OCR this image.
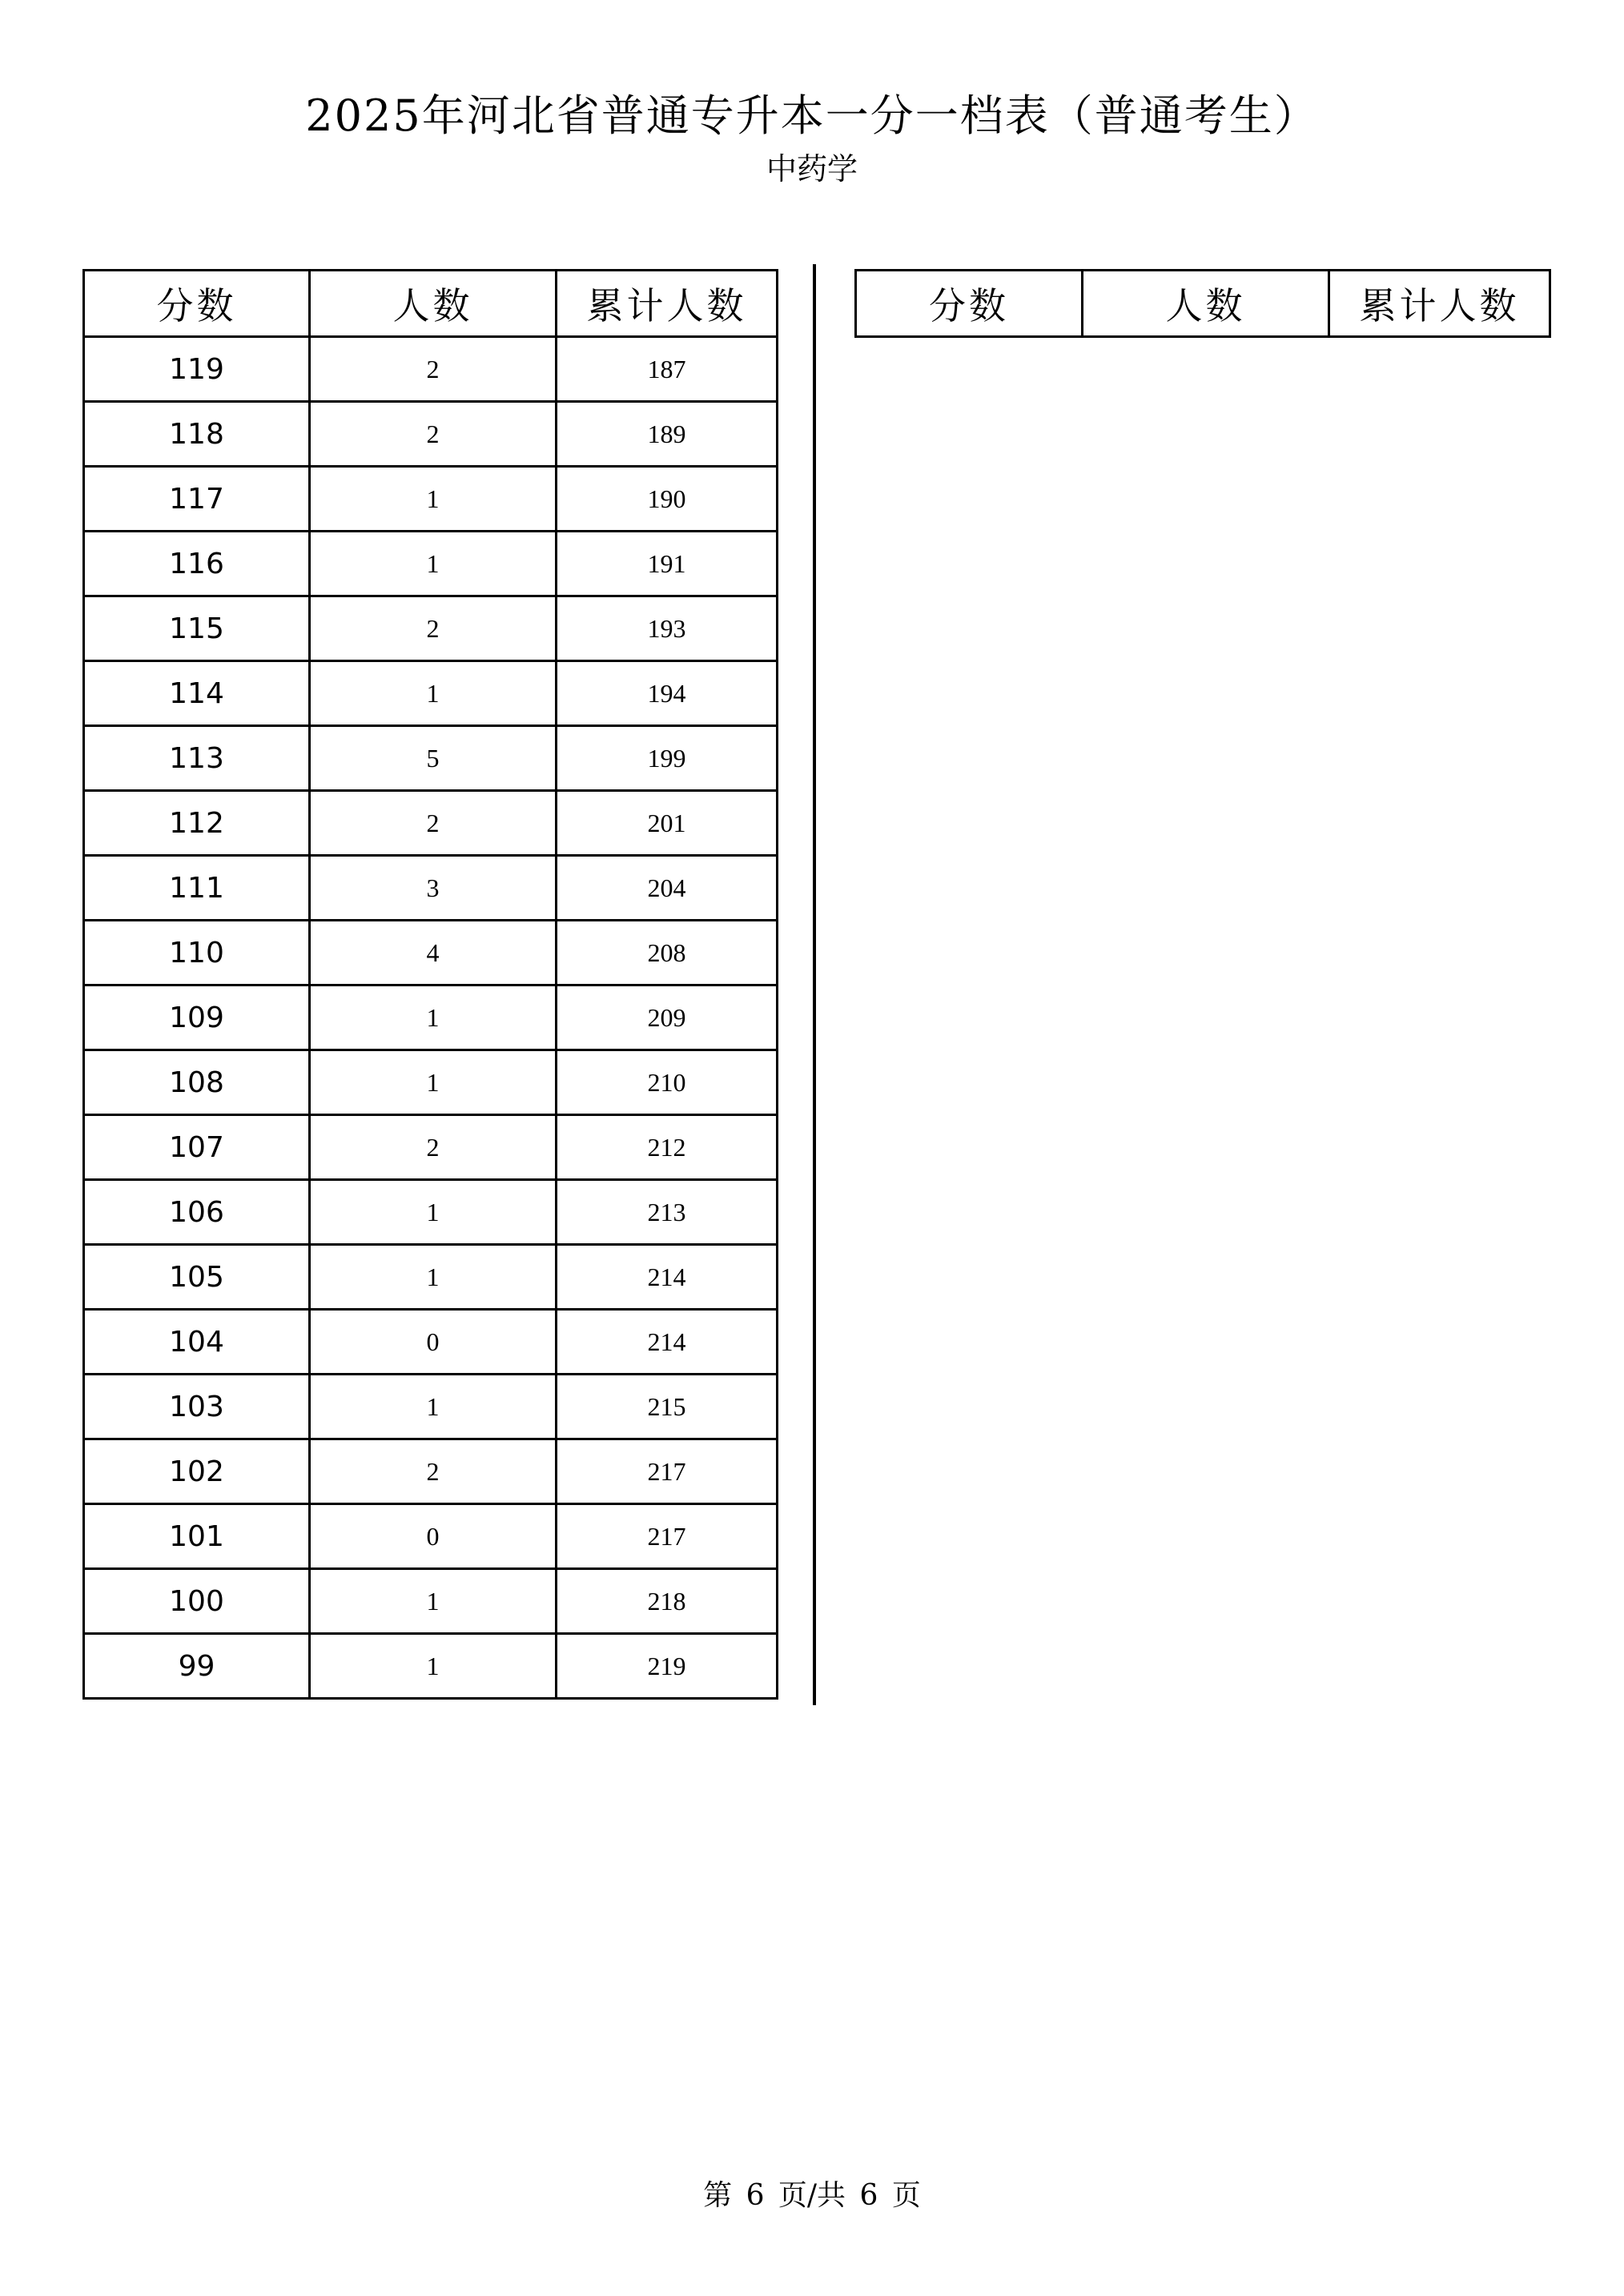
2025年河北省普通专升本一分一档表（普通考生）
中药学
分数	人数	累计人数
119	2	187
118	2	189
117	1	190
116	1	191
115	2	193
114	1	194
113	5	199
112	2	201
111	3	204
110	4	208
109	1	209
108	1	210
107	2	212
106	1	213
105	1	214
104	0	214
103	1	215
102	2	217
101	0	217
100	1	218
99	1	219
分数	人数	累计人数
第 6 页/共 6 页
